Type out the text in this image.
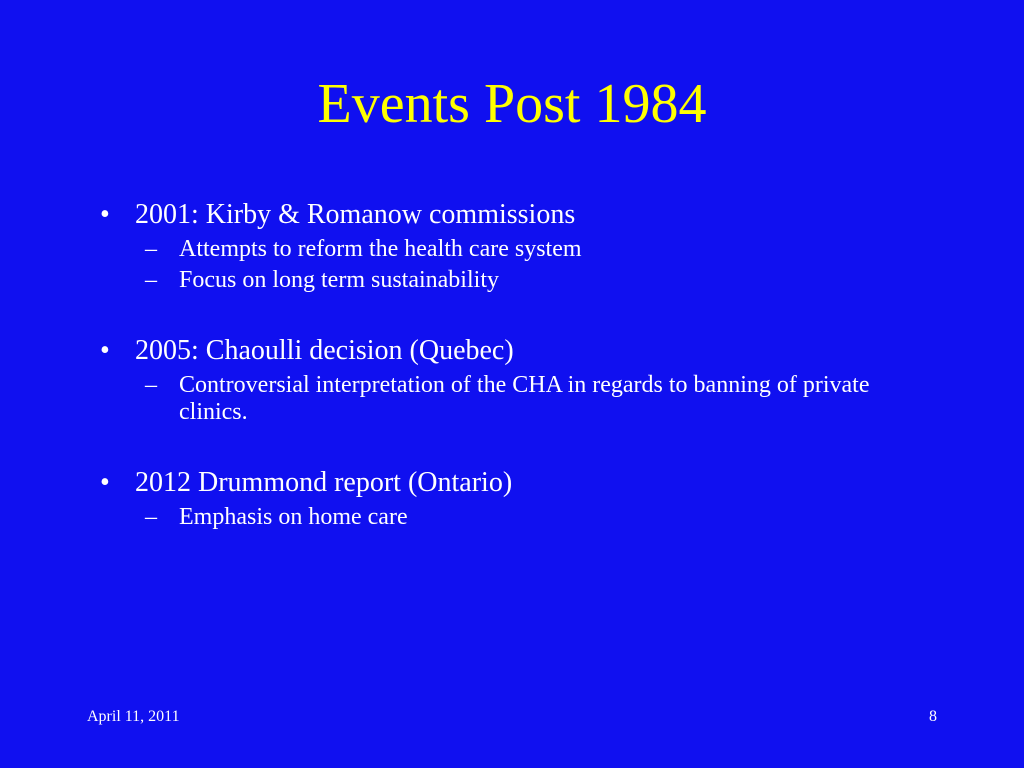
Events Post 1984
• 2001: Kirby & Romanow commissions
– Attempts to reform the health care system
– Focus on long term sustainability
• 2005: Chaoulli decision (Quebec)
– Controversial interpretation of the CHA in regards to banning of private clinics.
• 2012 Drummond report (Ontario)
– Emphasis on home care
April 11, 2011	8
